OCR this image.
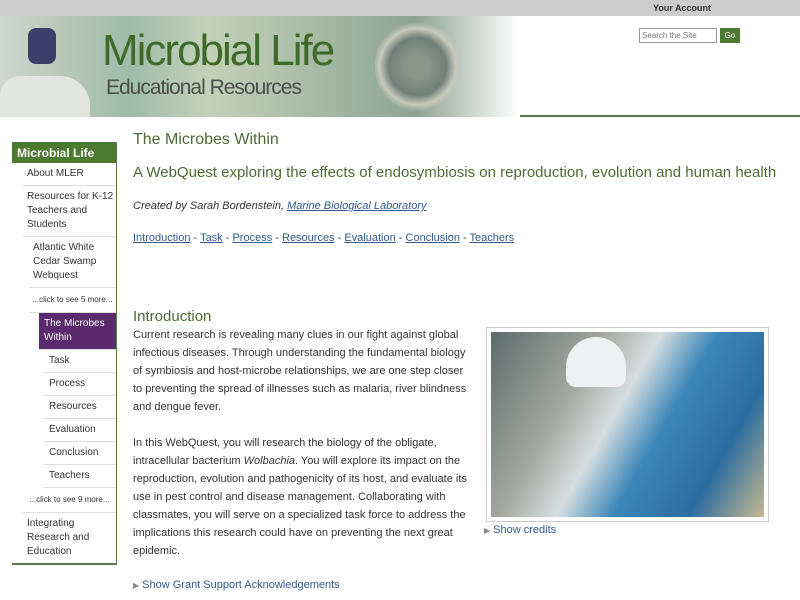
Your Account
Microbial Life
Educational Resources
Search the Site
Go
Microbial Life
About MLER
Resources for K-12 Teachers and Students
Atlantic White Cedar Swamp Webquest
...click to see 5 more...
The Microbes Within
Task
Process
Resources
Evaluation
Conclusion
Teachers
...click to see 9 more...
Integrating Research and Education
The Microbes Within
A WebQuest exploring the effects of endosymbiosis on reproduction, evolution and human health
Created by Sarah Bordenstein, Marine Biological Laboratory
Introduction - Task - Process - Resources - Evaluation - Conclusion - Teachers
Introduction

Current research is revealing many clues in our fight against global infectious diseases. Through understanding the fundamental biology of symbiosis and host-microbe relationships, we are one step closer to preventing the spread of illnesses such as malaria, river blindness and dengue fever.

In this WebQuest, you will research the biology of the obligate, intracellular bacterium Wolbachia. You will explore its impact on the reproduction, evolution and pathogenicity of its host, and evaluate its use in pest control and disease management. Collaborating with classmates, you will serve on a specialized task force to address the implications this research could have on preventing the next great epidemic.

▶ Show credits
▶ Show Grant Support Acknowledgements
